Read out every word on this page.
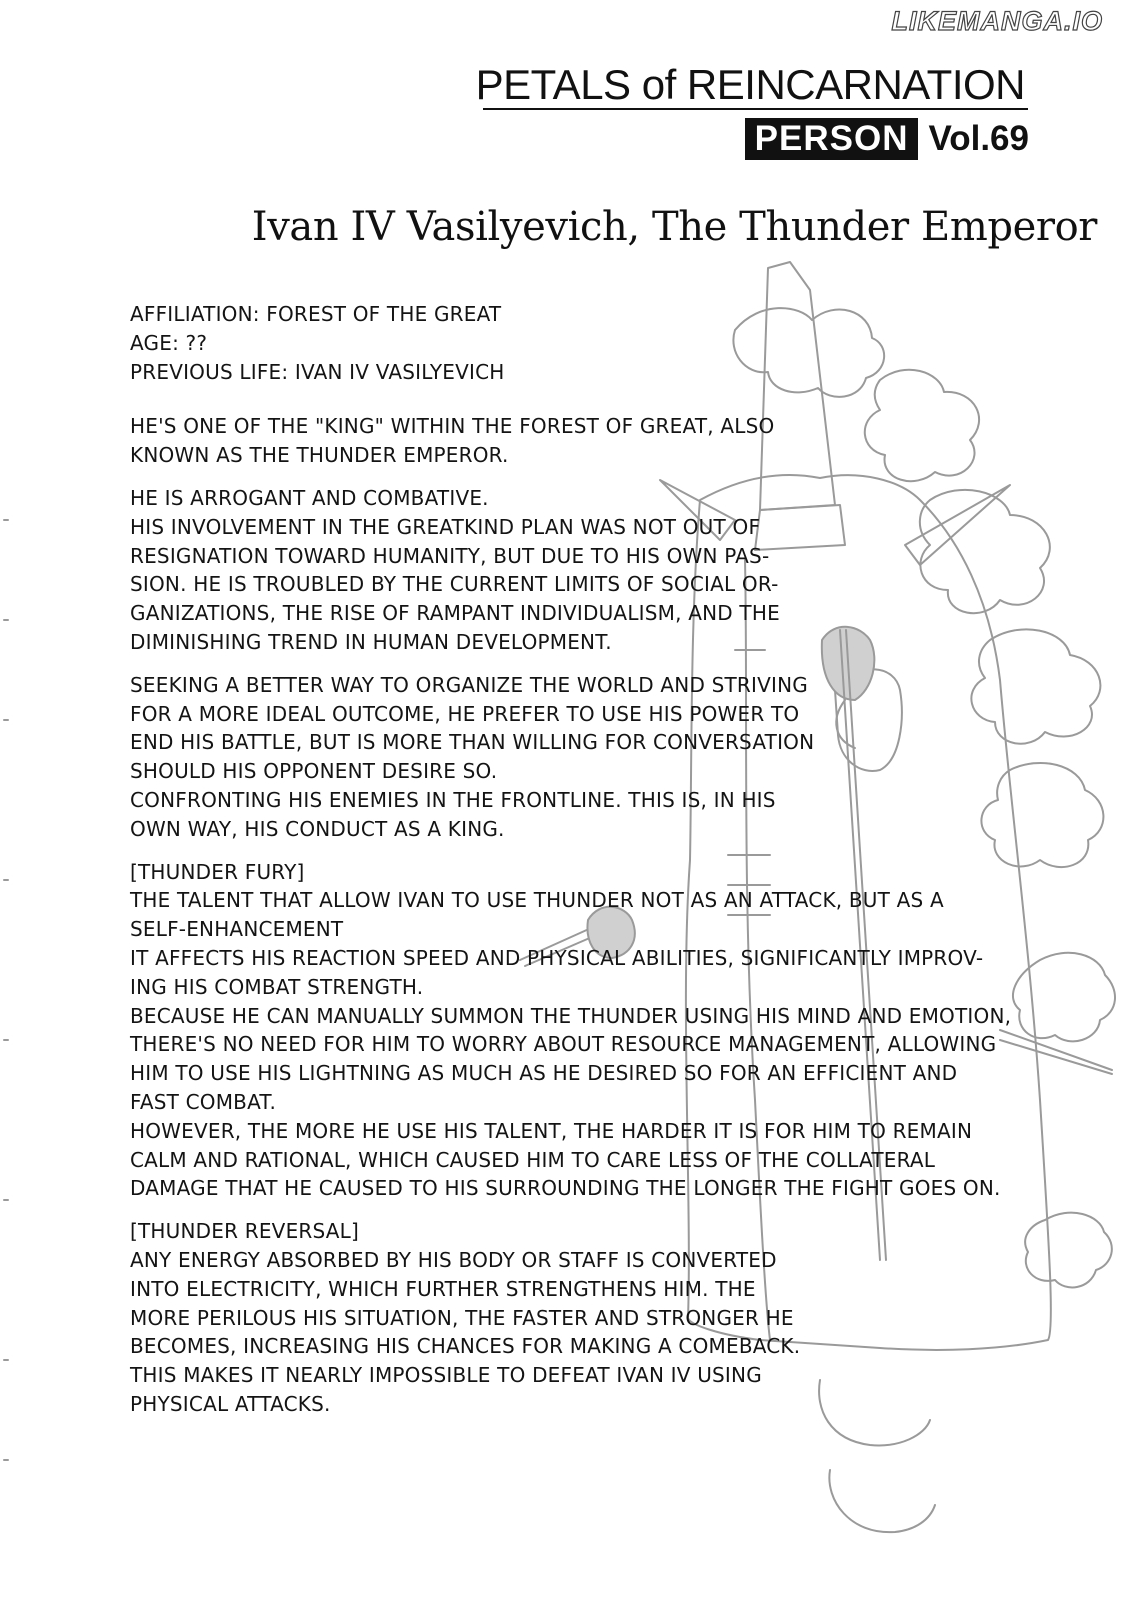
LIKEMANGA.IO
PETALS of REINCARNATION
PERSON Vol.69
Ivan IV Vasilyevich, The Thunder Emperor

AFFILIATION: FOREST OF THE GREAT

AGE: ??

PREVIOUS LIFE: IVAN IV VASILYEVICH

HE'S ONE OF THE "KING" WITHIN THE FOREST OF GREAT, ALSO

KNOWN AS THE THUNDER EMPEROR.

HE IS ARROGANT AND COMBATIVE.

HIS INVOLVEMENT IN THE GREATKIND PLAN WAS NOT OUT OF

RESIGNATION TOWARD HUMANITY, BUT DUE TO HIS OWN PAS-

SION. HE IS TROUBLED BY THE CURRENT LIMITS OF SOCIAL OR-

GANIZATIONS, THE RISE OF RAMPANT INDIVIDUALISM, AND THE

DIMINISHING TREND IN HUMAN DEVELOPMENT.

SEEKING A BETTER WAY TO ORGANIZE THE WORLD AND STRIVING

FOR A MORE IDEAL OUTCOME, HE PREFER TO USE HIS POWER TO

END HIS BATTLE, BUT IS MORE THAN WILLING FOR CONVERSATION

SHOULD HIS OPPONENT DESIRE SO.

CONFRONTING HIS ENEMIES IN THE FRONTLINE. THIS IS, IN HIS

OWN WAY, HIS CONDUCT AS A KING.

[THUNDER FURY]

THE TALENT THAT ALLOW IVAN TO USE THUNDER NOT AS AN ATTACK, BUT AS A

SELF-ENHANCEMENT

IT AFFECTS HIS REACTION SPEED AND PHYSICAL ABILITIES, SIGNIFICANTLY IMPROV-

ING HIS COMBAT STRENGTH.

BECAUSE HE CAN MANUALLY SUMMON THE THUNDER USING HIS MIND AND EMOTION,

THERE'S NO NEED FOR HIM TO WORRY ABOUT RESOURCE MANAGEMENT, ALLOWING

HIM TO USE HIS LIGHTNING AS MUCH AS HE DESIRED SO FOR AN EFFICIENT AND

FAST COMBAT.

HOWEVER, THE MORE HE USE HIS TALENT, THE HARDER IT IS FOR HIM TO REMAIN

CALM AND RATIONAL, WHICH CAUSED HIM TO CARE LESS OF THE COLLATERAL

DAMAGE THAT HE CAUSED TO HIS SURROUNDING THE LONGER THE FIGHT GOES ON.

[THUNDER REVERSAL]

ANY ENERGY ABSORBED BY HIS BODY OR STAFF IS CONVERTED

INTO ELECTRICITY, WHICH FURTHER STRENGTHENS HIM. THE

MORE PERILOUS HIS SITUATION, THE FASTER AND STRONGER HE

BECOMES, INCREASING HIS CHANCES FOR MAKING A COMEBACK.

THIS MAKES IT NEARLY IMPOSSIBLE TO DEFEAT IVAN IV USING

PHYSICAL ATTACKS.
